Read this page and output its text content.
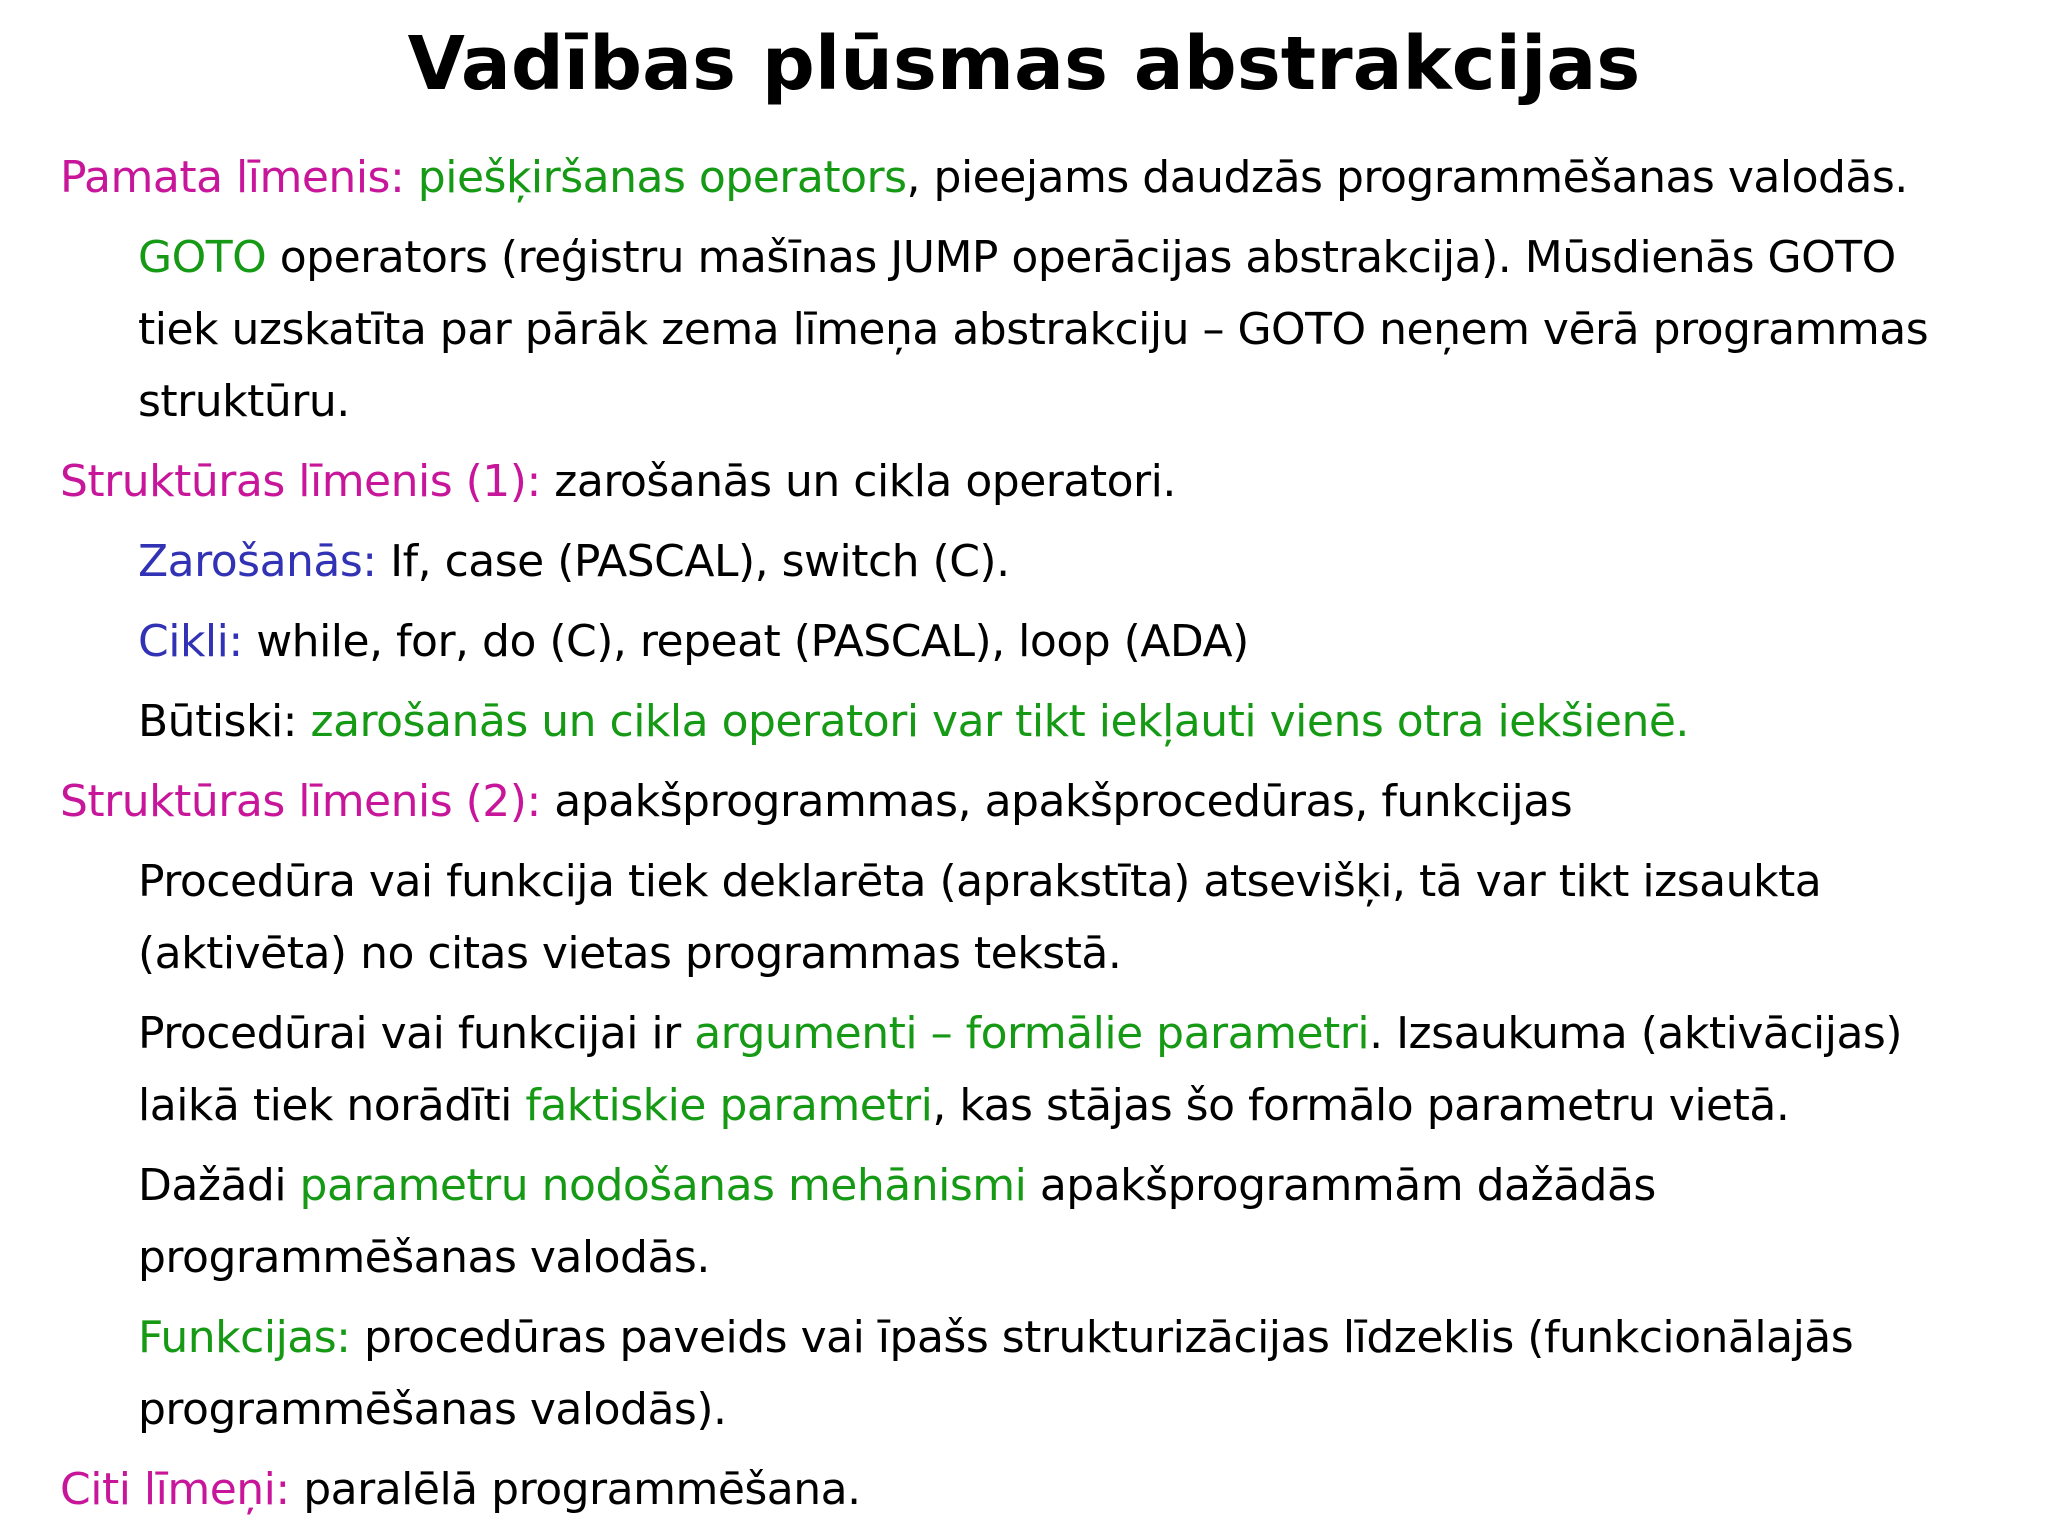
Vadības plūsmas abstrakcijas
Pamata līmenis: piešķiršanas operators, pieejams daudzās programmēšanas valodās.
GOTO operators (reģistru mašīnas JUMP operācijas abstrakcija). Mūsdienās GOTO
tiek uzskatīta par pārāk zema līmeņa abstrakciju – GOTO neņem vērā programmas
struktūru.
Struktūras līmenis (1): zarošanās un cikla operatori.
Zarošanās: If, case (PASCAL), switch (C).
Cikli: while, for, do (C), repeat (PASCAL), loop (ADA)
Būtiski: zarošanās un cikla operatori var tikt iekļauti viens otra iekšienē.
Struktūras līmenis (2): apakšprogrammas, apakšprocedūras, funkcijas
Procedūra vai funkcija tiek deklarēta (aprakstīta) atsevišķi, tā var tikt izsaukta
(aktivēta) no citas vietas programmas tekstā.
Procedūrai vai funkcijai ir argumenti – formālie parametri. Izsaukuma (aktivācijas)
laikā tiek norādīti faktiskie parametri, kas stājas šo formālo parametru vietā.
Dažādi parametru nodošanas mehānismi apakšprogrammām dažādās
programmēšanas valodās.
Funkcijas: procedūras paveids vai īpašs strukturizācijas līdzeklis (funkcionālajās
programmēšanas valodās).
Citi līmeņi: paralēlā programmēšana.
